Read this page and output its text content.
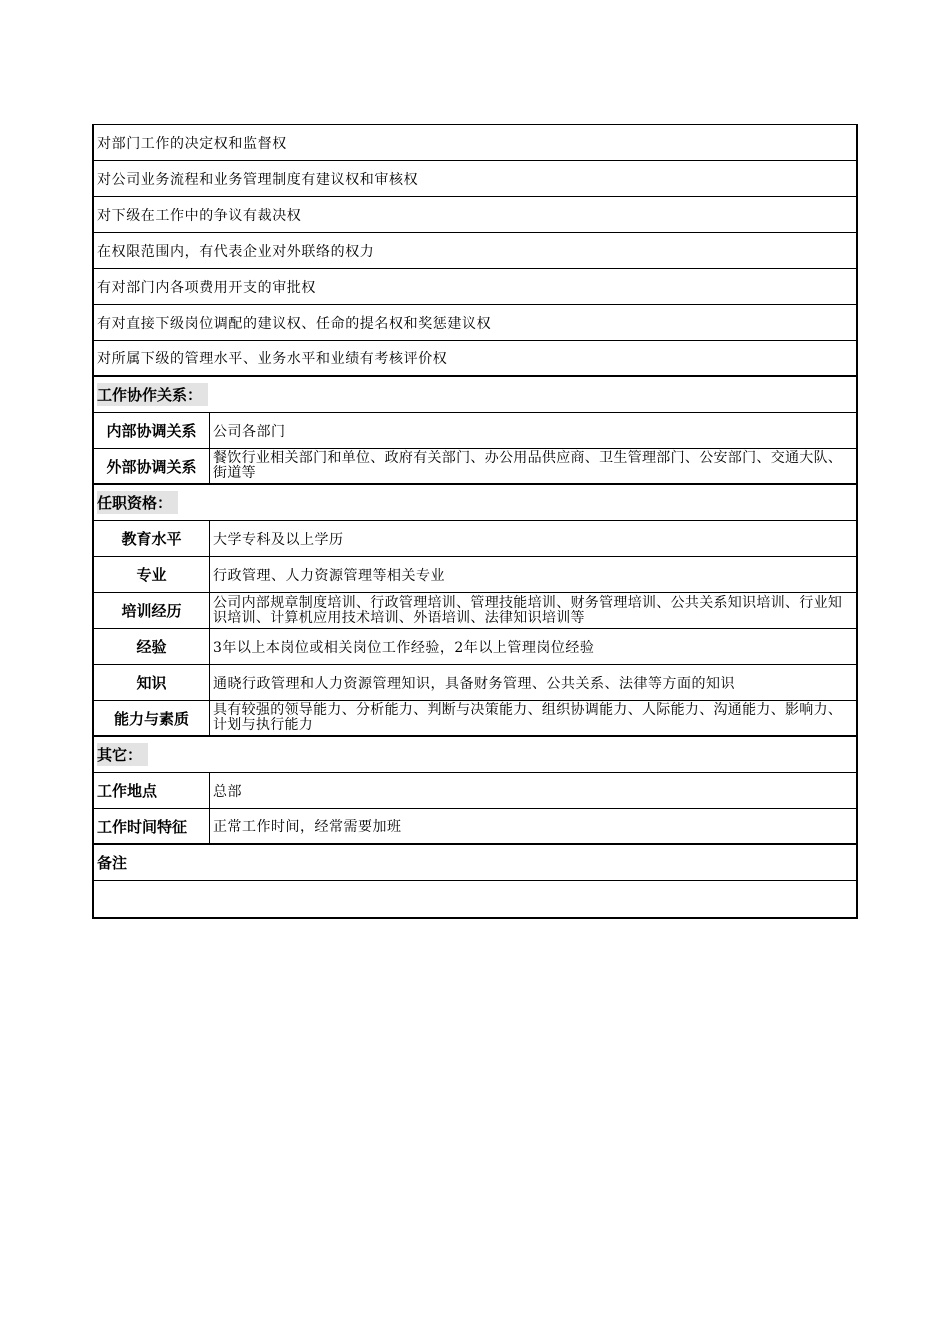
对部门工作的决定权和监督权
对公司业务流程和业务管理制度有建议权和审核权
对下级在工作中的争议有裁决权
在权限范围内，有代表企业对外联络的权力
有对部门内各项费用开支的审批权
有对直接下级岗位调配的建议权、任命的提名权和奖惩建议权
对所属下级的管理水平、业务水平和业绩有考核评价权
工作协作关系：
内部协调关系	公司各部门
外部协调关系	餐饮行业相关部门和单位、政府有关部门、办公用品供应商、卫生管理部门、公安部门、交通大队、街道等
任职资格：
教育水平	大学专科及以上学历
专业	行政管理、人力资源管理等相关专业
培训经历	公司内部规章制度培训、行政管理培训、管理技能培训、财务管理培训、公共关系知识培训、行业知识培训、计算机应用技术培训、外语培训、法律知识培训等
经验	3年以上本岗位或相关岗位工作经验，2年以上管理岗位经验
知识	通晓行政管理和人力资源管理知识，具备财务管理、公共关系、法律等方面的知识
能力与素质	具有较强的领导能力、分析能力、判断与决策能力、组织协调能力、人际能力、沟通能力、影响力、计划与执行能力
其它：
工作地点	总部
工作时间特征	正常工作时间，经常需要加班
备注
